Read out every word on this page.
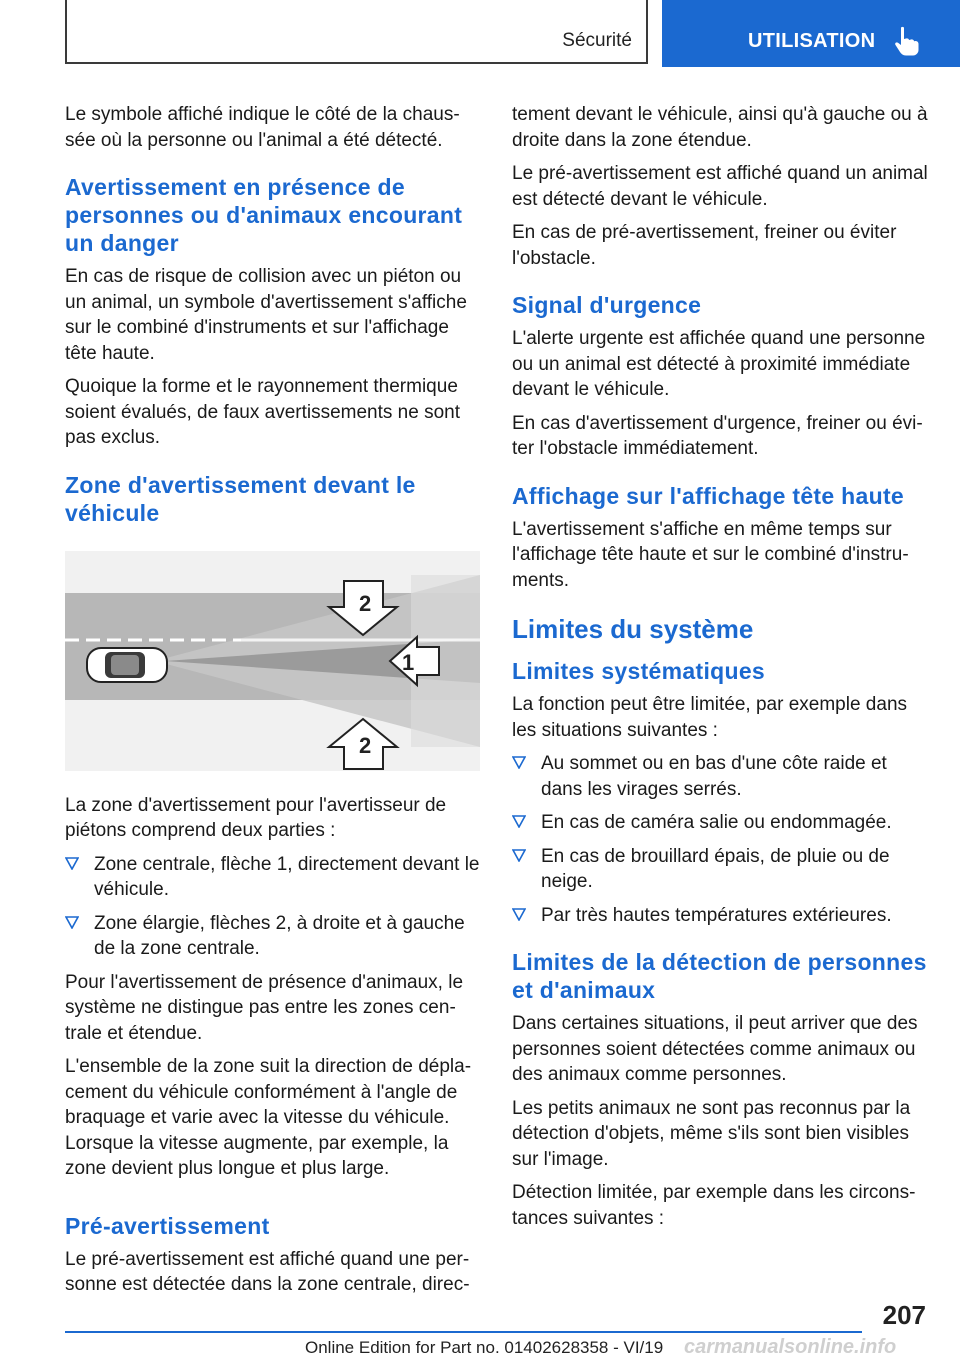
Sécurité	UTILISATION

Le symbole affiché indique le côté de la chaussée où la personne ou l'animal a été détecté.

Avertissement en présence de personnes ou d'animaux encourant un danger

En cas de risque de collision avec un piéton ou un animal, un symbole d'avertissement s'affiche sur le combiné d'instruments et sur l'affichage tête haute.

Quoique la forme et le rayonnement thermique soient évalués, de faux avertissements ne sont pas exclus.

Zone d'avertissement devant le véhicule
2
1
2

La zone d'avertissement pour l'avertisseur de piétons comprend deux parties :

Zone centrale, flèche 1, directement devant le véhicule.
Zone élargie, flèches 2, à droite et à gauche de la zone centrale.

Pour l'avertissement de présence d'animaux, le système ne distingue pas entre les zones centrale et étendue.

L'ensemble de la zone suit la direction de déplacement du véhicule conformément à l'angle de braquage et varie avec la vitesse du véhicule. Lorsque la vitesse augmente, par exemple, la zone devient plus longue et plus large.

Pré-avertissement

Le pré-avertissement est affiché quand une personne est détectée dans la zone centrale, direc-

tement devant le véhicule, ainsi qu'à gauche ou à droite dans la zone étendue.

Le pré-avertissement est affiché quand un animal est détecté devant le véhicule.

En cas de pré-avertissement, freiner ou éviter l'obstacle.

Signal d'urgence

L'alerte urgente est affichée quand une personne ou un animal est détecté à proximité immédiate devant le véhicule.

En cas d'avertissement d'urgence, freiner ou éviter l'obstacle immédiatement.

Affichage sur l'affichage tête haute

L'avertissement s'affiche en même temps sur l'affichage tête haute et sur le combiné d'instruments.

Limites du système
Limites systématiques

La fonction peut être limitée, par exemple dans les situations suivantes :

Au sommet ou en bas d'une côte raide et dans les virages serrés.
En cas de caméra salie ou endommagée.
En cas de brouillard épais, de pluie ou de neige.
Par très hautes températures extérieures.
Limites de la détection de personnes et d'animaux

Dans certaines situations, il peut arriver que des personnes soient détectées comme animaux ou des animaux comme personnes.

Les petits animaux ne sont pas reconnus par la détection d'objets, même s'ils sont bien visibles sur l'image.

Détection limitée, par exemple dans les circonstances suivantes :

207
Online Edition for Part no. 01402628358 - VI/19 carmanualsonline.info
